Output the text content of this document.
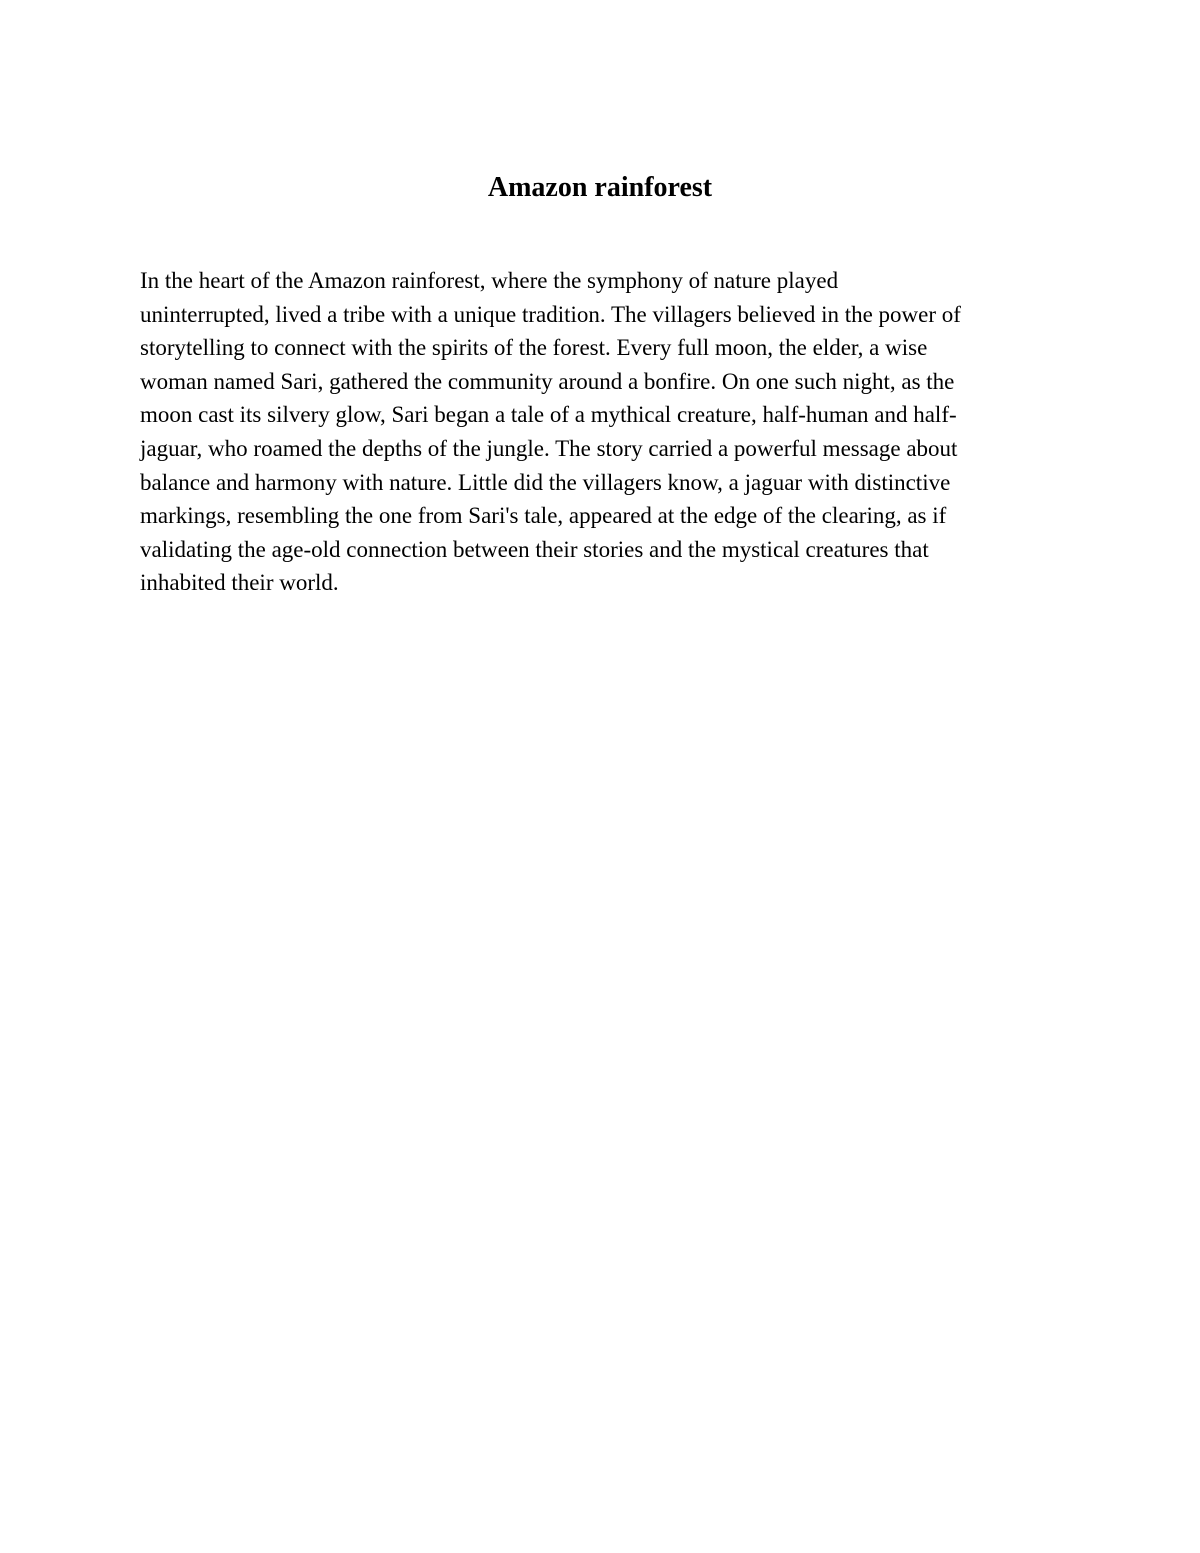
Amazon rainforest

In the heart of the Amazon rainforest, where the symphony of nature played
uninterrupted, lived a tribe with a unique tradition. The villagers believed in the power of
storytelling to connect with the spirits of the forest. Every full moon, the elder, a wise
woman named Sari, gathered the community around a bonfire. On one such night, as the
moon cast its silvery glow, Sari began a tale of a mythical creature, half-human and half-
jaguar, who roamed the depths of the jungle. The story carried a powerful message about
balance and harmony with nature. Little did the villagers know, a jaguar with distinctive
markings, resembling the one from Sari's tale, appeared at the edge of the clearing, as if
validating the age-old connection between their stories and the mystical creatures that
inhabited their world.
